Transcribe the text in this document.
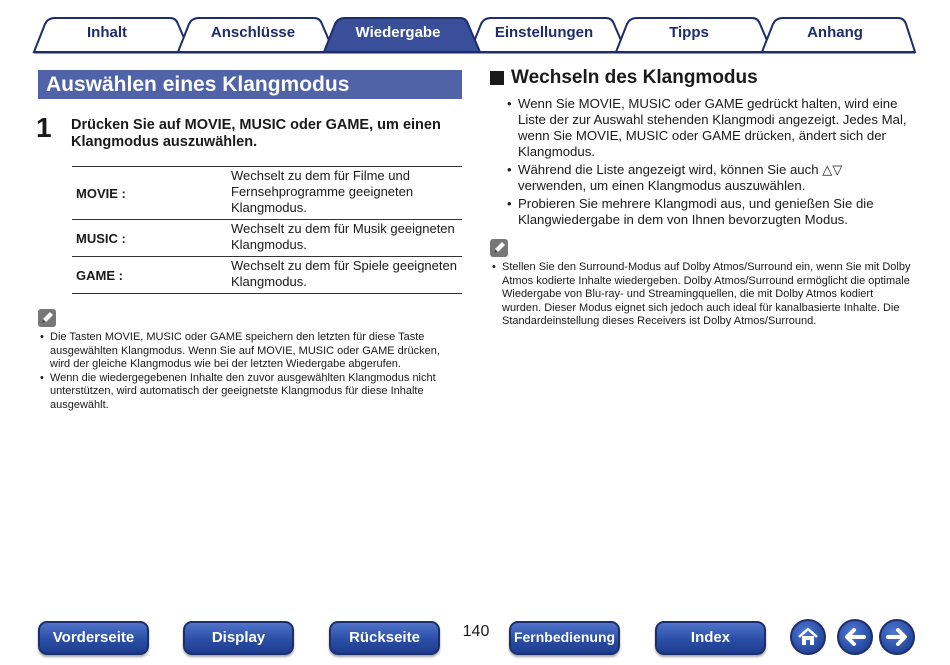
Inhalt	Anschlüsse	Wiedergabe	Einstellungen	Tipps	Anhang
Auswählen eines Klangmodus
1 Drücken Sie auf MOVIE, MUSIC oder GAME, um einen Klangmodus auszuwählen.
MOVIE :	Wechselt zu dem für Filme und Fernsehprogramme geeigneten Klangmodus.
MUSIC :	Wechselt zu dem für Musik geeigneten Klangmodus.
GAME :	Wechselt zu dem für Spiele geeigneten Klangmodus.
• Die Tasten MOVIE, MUSIC oder GAME speichern den letzten für diese Taste ausgewählten Klangmodus. Wenn Sie auf MOVIE, MUSIC oder GAME drücken, wird der gleiche Klangmodus wie bei der letzten Wiedergabe abgerufen.
• Wenn die wiedergegebenen Inhalte den zuvor ausgewählten Klangmodus nicht unterstützen, wird automatisch der geeignetste Klangmodus für diese Inhalte ausgewählt.
Wechseln des Klangmodus
• Wenn Sie MOVIE, MUSIC oder GAME gedrückt halten, wird eine Liste der zur Auswahl stehenden Klangmodi angezeigt. Jedes Mal, wenn Sie MOVIE, MUSIC oder GAME drücken, ändert sich der Klangmodus.
• Während die Liste angezeigt wird, können Sie auch △▽ verwenden, um einen Klangmodus auszuwählen.
• Probieren Sie mehrere Klangmodi aus, und genießen Sie die Klangwiedergabe in dem von Ihnen bevorzugten Modus.
• Stellen Sie den Surround-Modus auf Dolby Atmos/Surround ein, wenn Sie mit Dolby Atmos kodierte Inhalte wiedergeben. Dolby Atmos/Surround ermöglicht die optimale Wiedergabe von Blu-ray- und Streamingquellen, die mit Dolby Atmos kodiert wurden. Dieser Modus eignet sich jedoch auch ideal für kanalbasierte Inhalte. Die Standardeinstellung dieses Receivers ist Dolby Atmos/Surround.
Vorderseite	Display	Rückseite	140	Fernbedienung	Index
